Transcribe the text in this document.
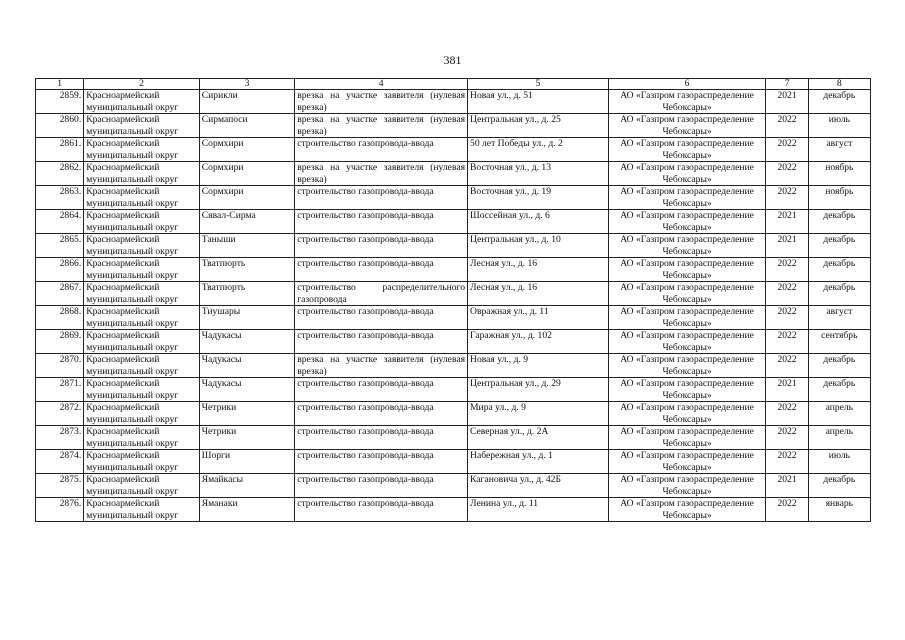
381
1	2	3	4	5	6	7	8
2859.	Красноармейский муниципальный округ	Сирикли	врезка на участке заявителя (нулевая врезка)	Новая ул., д. 51	АО «Газпром газораспределение Чебоксары»	2021	декабрь
2860.	Красноармейский муниципальный округ	Сирмапоси	врезка на участке заявителя (нулевая врезка)	Центральная ул., д. 25	АО «Газпром газораспределение Чебоксары»	2022	июль
2861.	Красноармейский муниципальный округ	Сормхири	строительство газопровода-ввода	50 лет Победы ул., д. 2	АО «Газпром газораспределение Чебоксары»	2022	август
2862.	Красноармейский муниципальный округ	Сормхири	врезка на участке заявителя (нулевая врезка)	Восточная ул., д. 13	АО «Газпром газораспределение Чебоксары»	2022	ноябрь
2863.	Красноармейский муниципальный округ	Сормхири	строительство газопровода-ввода	Восточная ул., д. 19	АО «Газпром газораспределение Чебоксары»	2022	ноябрь
2864.	Красноармейский муниципальный округ	Сявал-Сирма	строительство газопровода-ввода	Шоссейная ул., д. 6	АО «Газпром газораспределение Чебоксары»	2021	декабрь
2865.	Красноармейский муниципальный округ	Таныши	строительство газопровода-ввода	Центральная ул., д. 10	АО «Газпром газораспределение Чебоксары»	2021	декабрь
2866.	Красноармейский муниципальный округ	Тватпюрть	строительство газопровода-ввода	Лесная ул., д. 16	АО «Газпром газораспределение Чебоксары»	2022	декабрь
2867.	Красноармейский муниципальный округ	Тватпюрть	строительство распределительного газопровода	Лесная ул., д. 16	АО «Газпром газораспределение Чебоксары»	2022	декабрь
2868.	Красноармейский муниципальный округ	Тиушары	строительство газопровода-ввода	Овражная ул., д. 11	АО «Газпром газораспределение Чебоксары»	2022	август
2869.	Красноармейский муниципальный округ	Чадукасы	строительство газопровода-ввода	Гаражная ул., д. 102	АО «Газпром газораспределение Чебоксары»	2022	сентябрь
2870.	Красноармейский муниципальный округ	Чадукасы	врезка на участке заявителя (нулевая врезка)	Новая ул., д. 9	АО «Газпром газораспределение Чебоксары»	2022	декабрь
2871.	Красноармейский муниципальный округ	Чадукасы	строительство газопровода-ввода	Центральная ул., д. 29	АО «Газпром газораспределение Чебоксары»	2021	декабрь
2872.	Красноармейский муниципальный округ	Четрики	строительство газопровода-ввода	Мира ул., д. 9	АО «Газпром газораспределение Чебоксары»	2022	апрель
2873.	Красноармейский муниципальный округ	Четрики	строительство газопровода-ввода	Северная ул., д. 2А	АО «Газпром газораспределение Чебоксары»	2022	апрель
2874.	Красноармейский муниципальный округ	Шорги	строительство газопровода-ввода	Набережная ул., д. 1	АО «Газпром газораспределение Чебоксары»	2022	июль
2875.	Красноармейский муниципальный округ	Ямайкасы	строительство газопровода-ввода	Кагановича ул., д. 42Б	АО «Газпром газораспределение Чебоксары»	2021	декабрь
2876.	Красноармейский муниципальный округ	Яманаки	строительство газопровода-ввода	Ленина ул., д. 11	АО «Газпром газораспределение Чебоксары»	2022	январь
